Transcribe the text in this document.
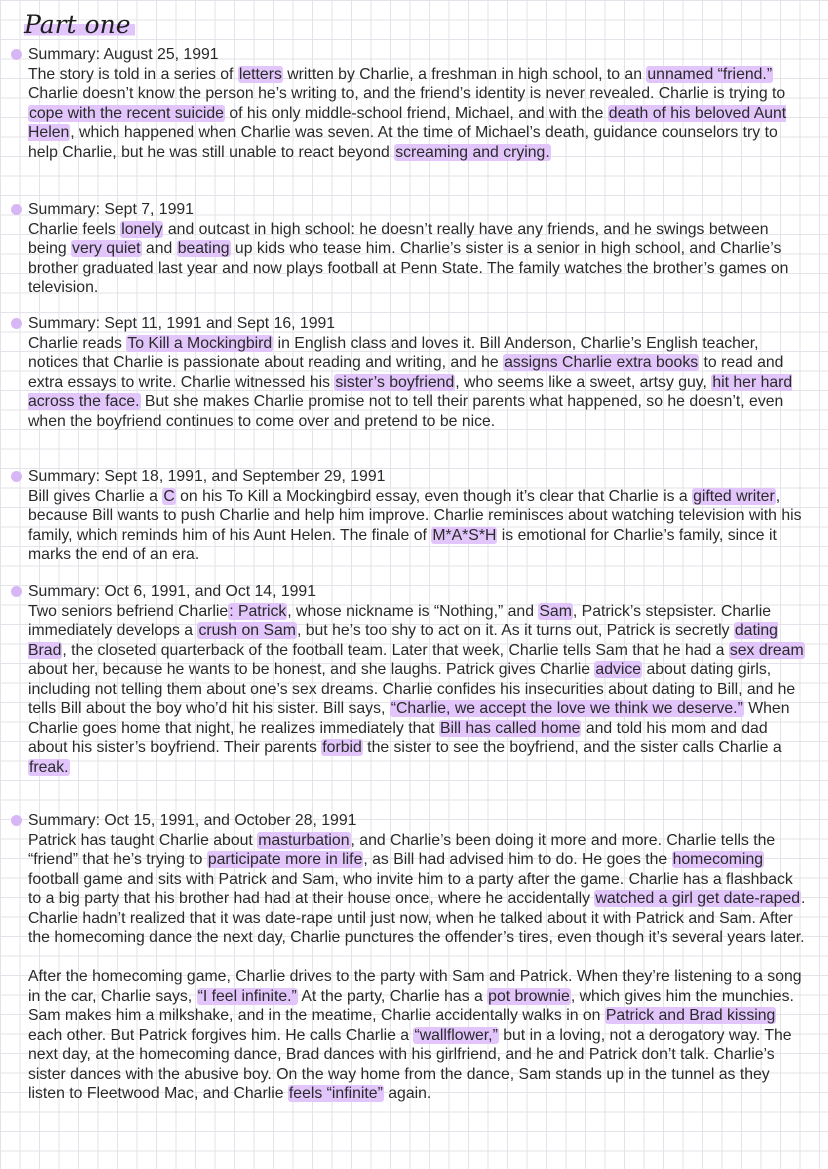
Part one
Summary: August 25, 1991

The story is told in a series of letters written by Charlie, a freshman in high school, to an unnamed “friend.” Charlie doesn’t know the person he’s writing to, and the friend’s identity is never revealed. Charlie is trying to cope with the recent suicide of his only middle-school friend, Michael, and with the death of his beloved Aunt Helen, which happened when Charlie was seven. At the time of Michael’s death, guidance counselors try to help Charlie, but he was still unable to react beyond screaming and crying.

Summary: Sept 7, 1991

Charlie feels lonely and outcast in high school: he doesn’t really have any friends, and he swings between being very quiet and beating up kids who tease him. Charlie’s sister is a senior in high school, and Charlie’s brother graduated last year and now plays football at Penn State. The family watches the brother’s games on television.

Summary: Sept 11, 1991 and Sept 16, 1991

Charlie reads To Kill a Mockingbird in English class and loves it. Bill Anderson, Charlie’s English teacher, notices that Charlie is passionate about reading and writing, and he assigns Charlie extra books to read and extra essays to write. Charlie witnessed his sister’s boyfriend, who seems like a sweet, artsy guy, hit her hard across the face. But she makes Charlie promise not to tell their parents what happened, so he doesn’t, even when the boyfriend continues to come over and pretend to be nice.

Summary: Sept 18, 1991, and September 29, 1991

Bill gives Charlie a C on his To Kill a Mockingbird essay, even though it’s clear that Charlie is a gifted writer, because Bill wants to push Charlie and help him improve. Charlie reminisces about watching television with his family, which reminds him of his Aunt Helen. The finale of M*A*S*H is emotional for Charlie’s family, since it marks the end of an era.

Summary: Oct 6, 1991, and Oct 14, 1991

Two seniors befriend Charlie: Patrick, whose nickname is “Nothing,” and Sam, Patrick’s stepsister. Charlie immediately develops a crush on Sam, but he’s too shy to act on it. As it turns out, Patrick is secretly dating Brad, the closeted quarterback of the football team. Later that week, Charlie tells Sam that he had a sex dream about her, because he wants to be honest, and she laughs. Patrick gives Charlie advice about dating girls, including not telling them about one’s sex dreams. Charlie confides his insecurities about dating to Bill, and he tells Bill about the boy who’d hit his sister. Bill says, “Charlie, we accept the love we think we deserve.” When Charlie goes home that night, he realizes immediately that Bill has called home and told his mom and dad about his sister’s boyfriend. Their parents forbid the sister to see the boyfriend, and the sister calls Charlie a freak.

Summary: Oct 15, 1991, and October 28, 1991

Patrick has taught Charlie about masturbation, and Charlie’s been doing it more and more. Charlie tells the “friend” that he’s trying to participate more in life, as Bill had advised him to do. He goes the homecoming football game and sits with Patrick and Sam, who invite him to a party after the game. Charlie has a flashback to a big party that his brother had had at their house once, where he accidentally watched a girl get date-raped. Charlie hadn’t realized that it was date-rape until just now, when he talked about it with Patrick and Sam. After the homecoming dance the next day, Charlie punctures the offender’s tires, even though it’s several years later.

After the homecoming game, Charlie drives to the party with Sam and Patrick. When they’re listening to a song in the car, Charlie says, “I feel infinite.” At the party, Charlie has a pot brownie, which gives him the munchies. Sam makes him a milkshake, and in the meatime, Charlie accidentally walks in on Patrick and Brad kissing each other. But Patrick forgives him. He calls Charlie a “wallflower,” but in a loving, not a derogatory way. The next day, at the homecoming dance, Brad dances with his girlfriend, and he and Patrick don’t talk. Charlie’s sister dances with the abusive boy. On the way home from the dance, Sam stands up in the tunnel as they listen to Fleetwood Mac, and Charlie feels “infinite” again.
